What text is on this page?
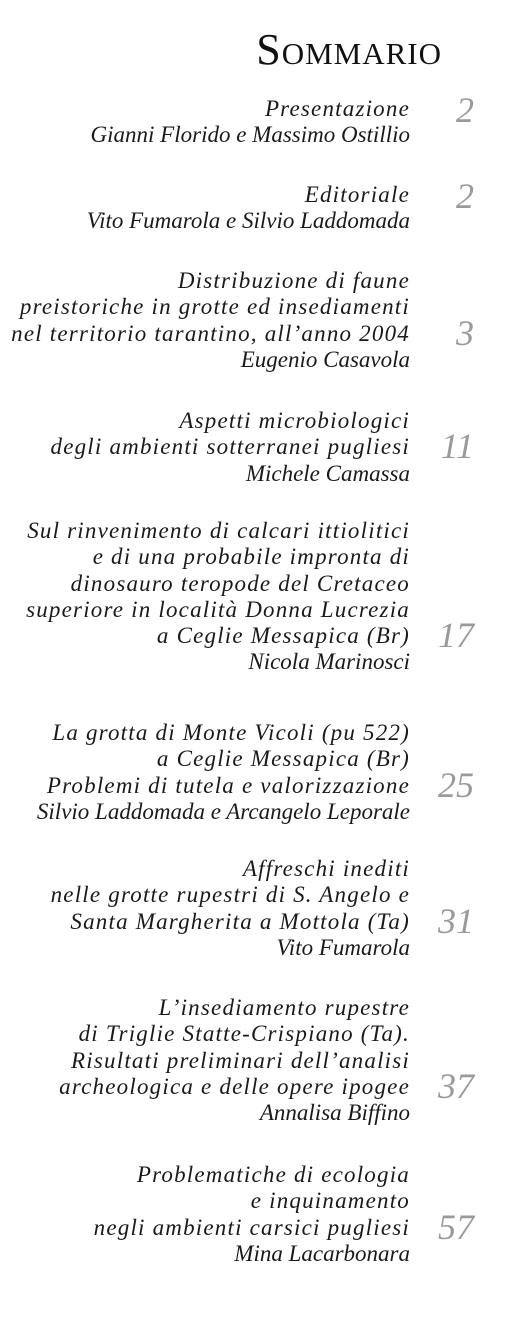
Sommario
Presentazione
Gianni Florido e Massimo Ostillio
2
Editoriale
Vito Fumarola e Silvio Laddomada
2
Distribuzione di faune
preistoriche in grotte ed insediamenti
nel territorio tarantino, all’anno 2004
Eugenio Casavola
3
Aspetti microbiologici
degli ambienti sotterranei pugliesi
Michele Camassa
11
Sul rinvenimento di calcari ittiolitici
e di una probabile impronta di
dinosauro teropode del Cretaceo
superiore in località Donna Lucrezia
a Ceglie Messapica (Br)
Nicola Marinosci
17
La grotta di Monte Vicoli (pu 522)
a Ceglie Messapica (Br)
Problemi di tutela e valorizzazione
Silvio Laddomada e Arcangelo Leporale
25
Affreschi inediti
nelle grotte rupestri di S. Angelo e
Santa Margherita a Mottola (Ta)
Vito Fumarola
31
L’insediamento rupestre
di Triglie Statte-Crispiano (Ta).
Risultati preliminari dell’analisi
archeologica e delle opere ipogee
Annalisa Biffino
37
Problematiche di ecologia
e inquinamento
negli ambienti carsici pugliesi
Mina Lacarbonara
57
